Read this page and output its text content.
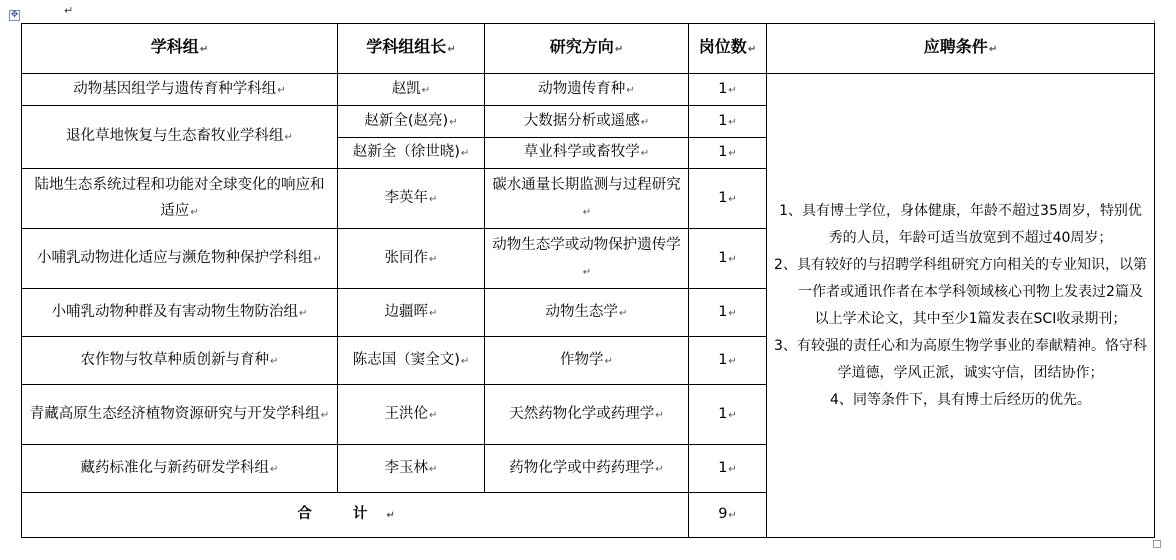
✥	↵
学科组 ↵	学科组组长 ↵	研究方向 ↵	岗位数 ↵	应聘条件 ↵
动物基因组学与遗传育种学科组 ↵	赵凯 ↵	动物遗传育种 ↵	1 ↵	1、具有博士学位，身体健康，年龄不超过35周岁，特别优秀的人员，年龄可适当放宽到不超过40周岁；
2、具有较好的与招聘学科组研究方向相关的专业知识，以第一作者或通讯作者在本学科领域核心刊物上发表过2篇及以上学术论文，其中至少1篇发表在SCI收录期刊；
3、有较强的责任心和为高原生物学事业的奉献精神。恪守科学道德，学风正派，诚实守信，团结协作；
4、同等条件下，具有博士后经历的优先。

退化草地恢复与生态畜牧业学科组 ↵	赵新全(赵亮) ↵	大数据分析或遥感 ↵	1 ↵
	赵新全（徐世晓) ↵	草业科学或畜牧学 ↵	1 ↵
陆地生态系统过程和功能对全球变化的响应和适应 ↵	李英年 ↵	碳水通量长期监测与过程研究 ↵	1 ↵
小哺乳动物进化适应与濒危物种保护学科组 ↵	张同作 ↵	动物生态学或动物保护遗传学 ↵	1 ↵
小哺乳动物种群及有害动物生物防治组 ↵	边疆晖 ↵	动物生态学 ↵	1 ↵
农作物与牧草种质创新与育种 ↵	陈志国（窦全文) ↵	作物学 ↵	1 ↵
青藏高原生态经济植物资源研究与开发学科组 ↵	王洪伦 ↵	天然药物化学或药理学 ↵	1 ↵
藏药标准化与新药研发学科组 ↵	李玉林 ↵	药物化学或中药药理学 ↵	1 ↵
合 计 ↵			9 ↵
